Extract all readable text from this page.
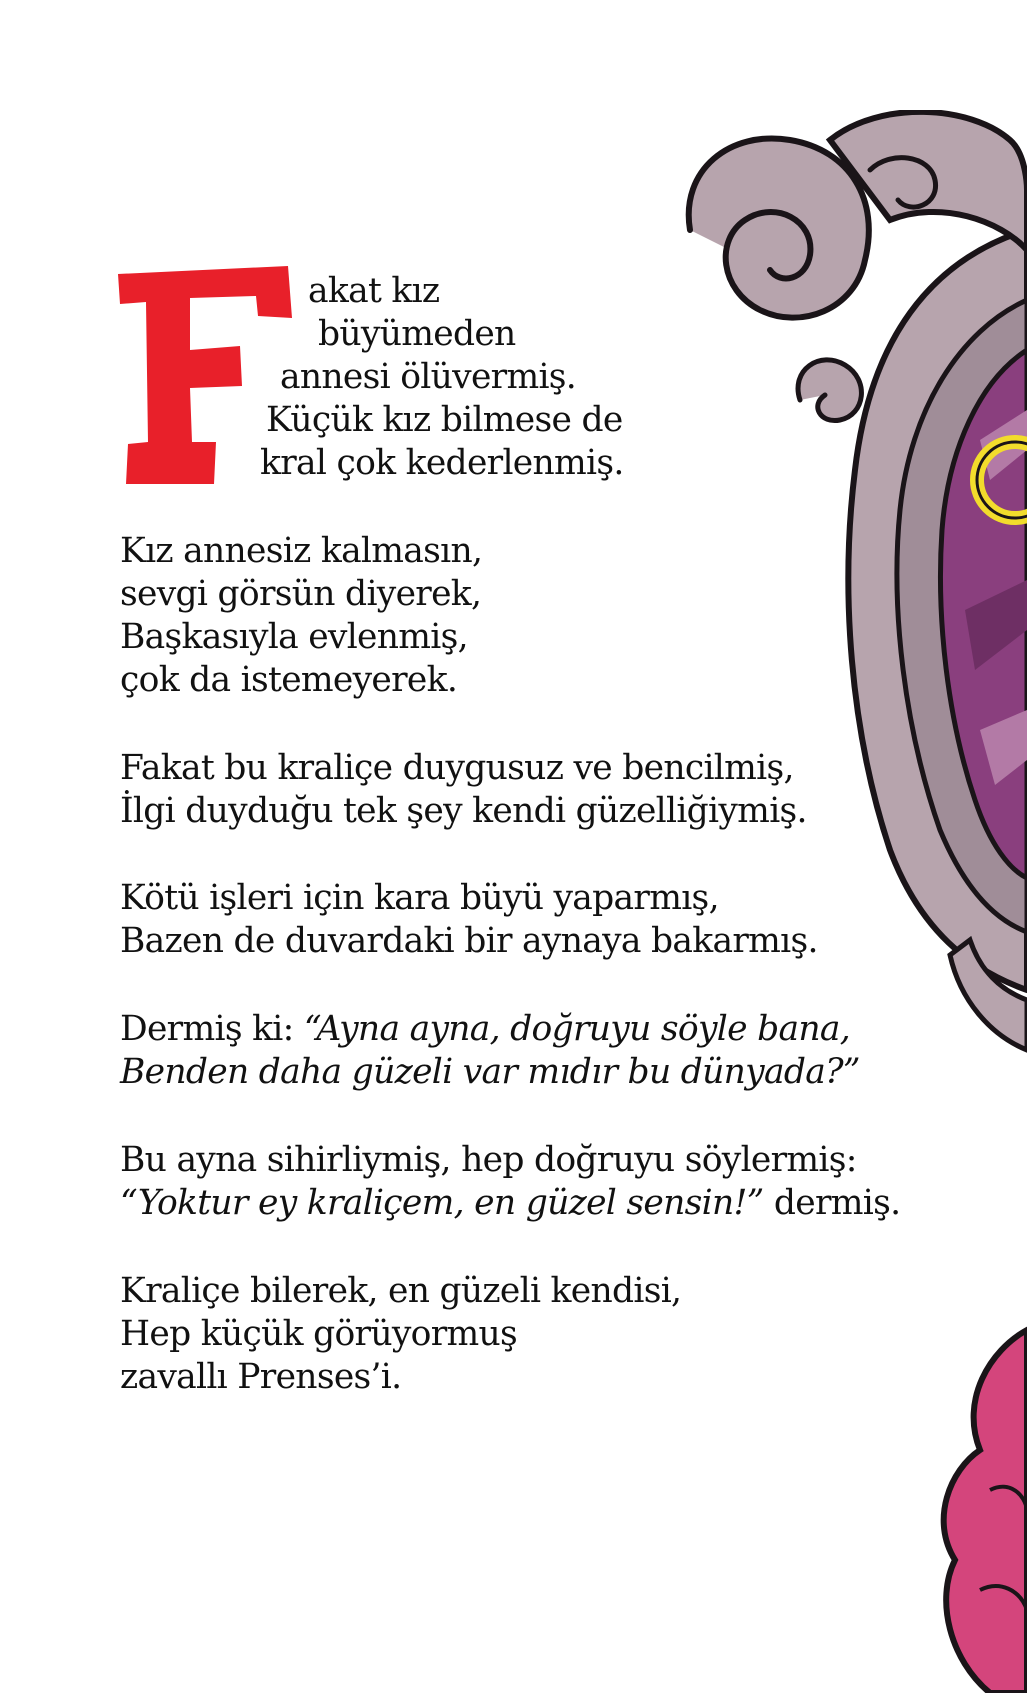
akat kız
büyümeden
annesi ölüvermiş.
Küçük kız bilmese de
kral çok kederlenmiş.
Kız annesiz kalmasın,
sevgi görsün diyerek,
Başkasıyla evlenmiş,
çok da istemeyerek.
Fakat bu kraliçe duygusuz ve bencilmiş,
İlgi duyduğu tek şey kendi güzelliğiymiş.
Kötü işleri için kara büyü yaparmış,
Bazen de duvardaki bir aynaya bakarmış.
Dermiş ki: “Ayna ayna, doğruyu söyle bana,
Benden daha güzeli var mıdır bu dünyada?”
Bu ayna sihirliymiş, hep doğruyu söylermiş:
“Yoktur ey kraliçem, en güzel sensin!” dermiş.
Kraliçe bilerek, en güzeli kendisi,
Hep küçük görüyormuş
zavallı Prenses’i.
